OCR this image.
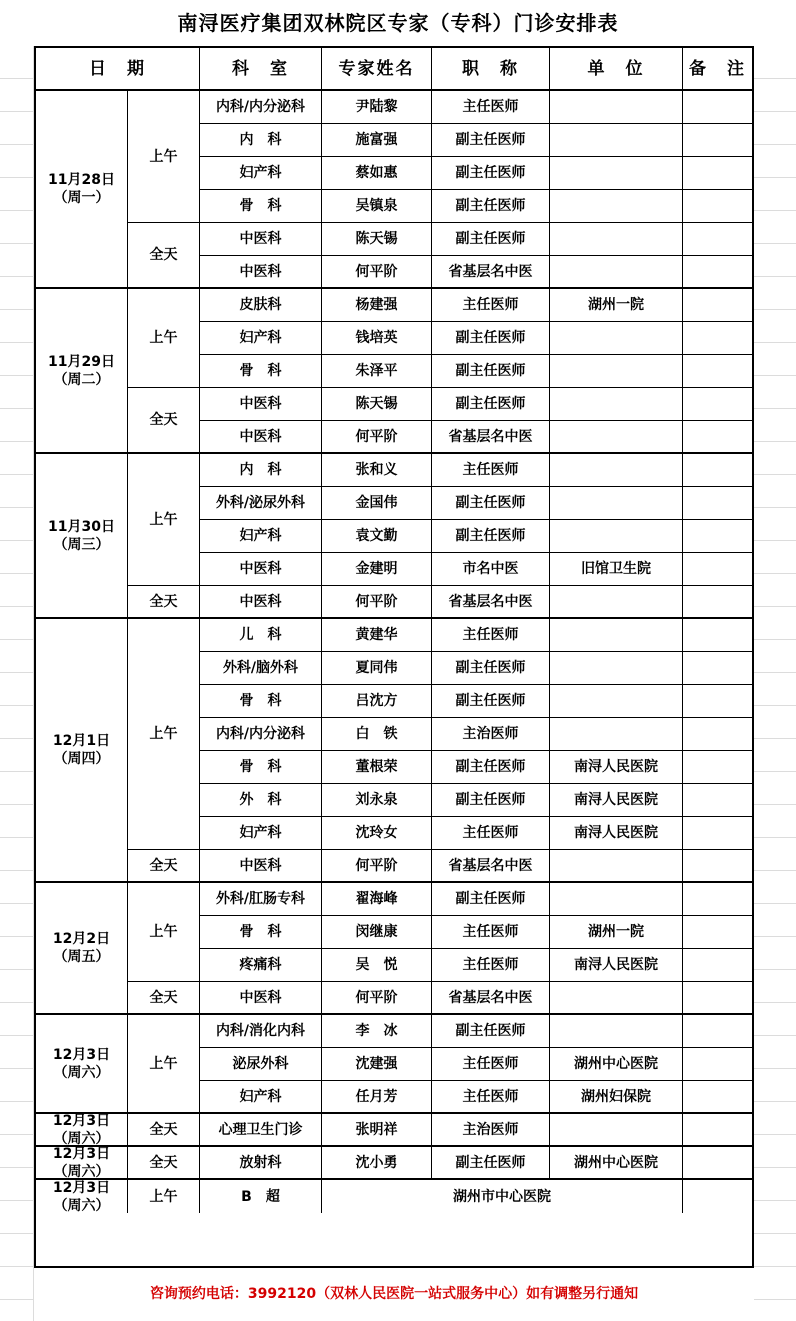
南浔医疗集团双林院区专家（专科）门诊安排表
日　期	科　室	专家姓名	职　称	单　位	备　注
11月28日
（周一）
上午
内科/内分泌科	尹陆黎	主任医师
内　科	施富强	副主任医师
妇产科	蔡如惠	副主任医师
骨　科	吴镇泉	副主任医师
全天
中医科	陈天锡	副主任医师
中医科	何平阶	省基层名中医
11月29日
（周二）
上午
皮肤科	杨建强	主任医师	湖州一院
妇产科	钱培英	副主任医师
骨　科	朱泽平	副主任医师
全天
中医科	陈天锡	副主任医师
中医科	何平阶	省基层名中医
11月30日
（周三）
上午
内　科	张和义	主任医师
外科/泌尿外科	金国伟	副主任医师
妇产科	袁文勤	副主任医师
中医科	金建明	市名中医	旧馆卫生院
全天	中医科	何平阶	省基层名中医
12月1日
（周四）
上午
儿　科	黄建华	主任医师
外科/脑外科	夏同伟	副主任医师
骨　科	吕沈方	副主任医师
内科/内分泌科	白　铁	主治医师
骨　科	董根荣	副主任医师	南浔人民医院
外　科	刘永泉	副主任医师	南浔人民医院
妇产科	沈玲女	主任医师	南浔人民医院
全天	中医科	何平阶	省基层名中医
12月2日
（周五）
上午
外科/肛肠专科	翟海峰	副主任医师
骨　科	闵继康	主任医师	湖州一院
疼痛科	吴　悦	主任医师	南浔人民医院
全天	中医科	何平阶	省基层名中医
12月3日
（周六）
上午
内科/消化内科	李　冰	副主任医师
泌尿外科	沈建强	主任医师	湖州中心医院
妇产科	任月芳	主任医师	湖州妇保院
12月3日
（周六）
全天	心理卫生门诊	张明祥	主治医师
12月3日
（周六）
全天	放射科	沈小勇	副主任医师	湖州中心医院
12月3日
（周六）
上午	B　超	湖州市中心医院
咨询预约电话：3992120（双林人民医院一站式服务中心）如有调整另行通知
